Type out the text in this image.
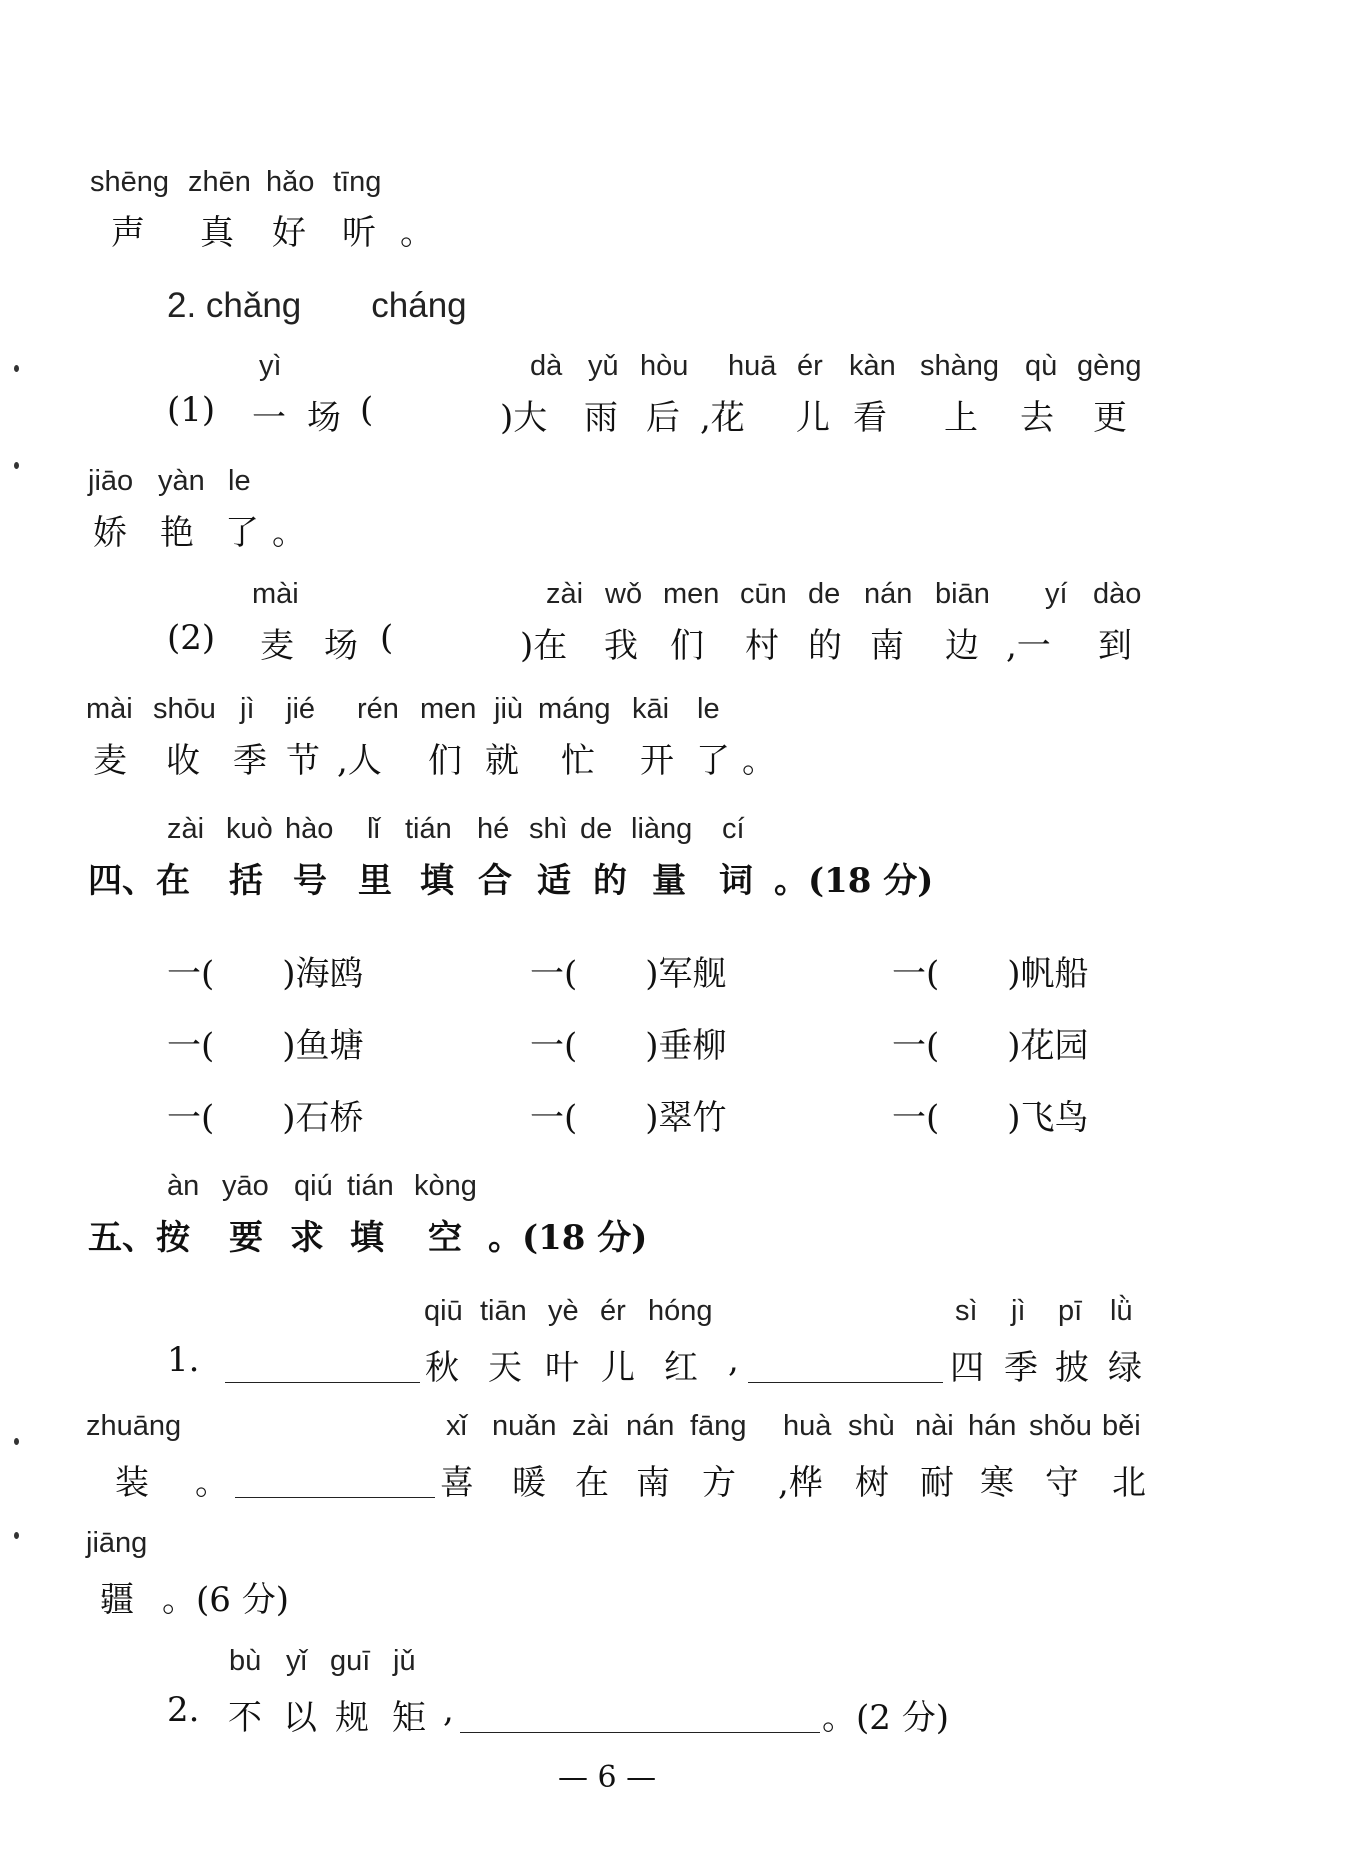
shēng zhēn hǎo tīng
声 真 好 听 。
2. chǎng　　cháng
yì	dà yǔ hòu huā ér kàn shàng qù gèng
(1) 一 场 (	)大 雨 后 ,花 儿 看 上 去 更
jiāo yàn le
娇 艳 了 。
mài	zài wǒ men cūn de nán biān yí dào
(2) 麦 场 (	)在 我 们 村 的 南 边 ,一 到
mài shōu jì jié rén men jiù máng kāi le
麦 收 季 节 ,人 们 就 忙 开 了 。
zài kuò hào lǐ tián hé shì de liàng cí
四、在 括 号 里 填 合 适 的 量 词 。(18 分)
一(　　)海鸥	一(　　)军舰	一(　　)帆船
一(　　)鱼塘	一(　　)垂柳	一(　　)花园
一(　　)石桥	一(　　)翠竹	一(　　)飞鸟
àn yāo qiú tián kòng
五、按 要 求 填 空 。(18 分)
qiū tiān yè ér hóng	sì jì pī lǜ
1.	秋 天 叶 儿 红 ,	四 季 披 绿
zhuāng	xǐ nuǎn zài nán fāng huà shù nài hán shǒu běi
装 。	喜 暖 在 南 方 ,桦 树 耐 寒 守 北
jiāng
疆 。(6 分)
bù yǐ guī jǔ
2. 不 以 规 矩 ,	。(2 分)
— 6 —
